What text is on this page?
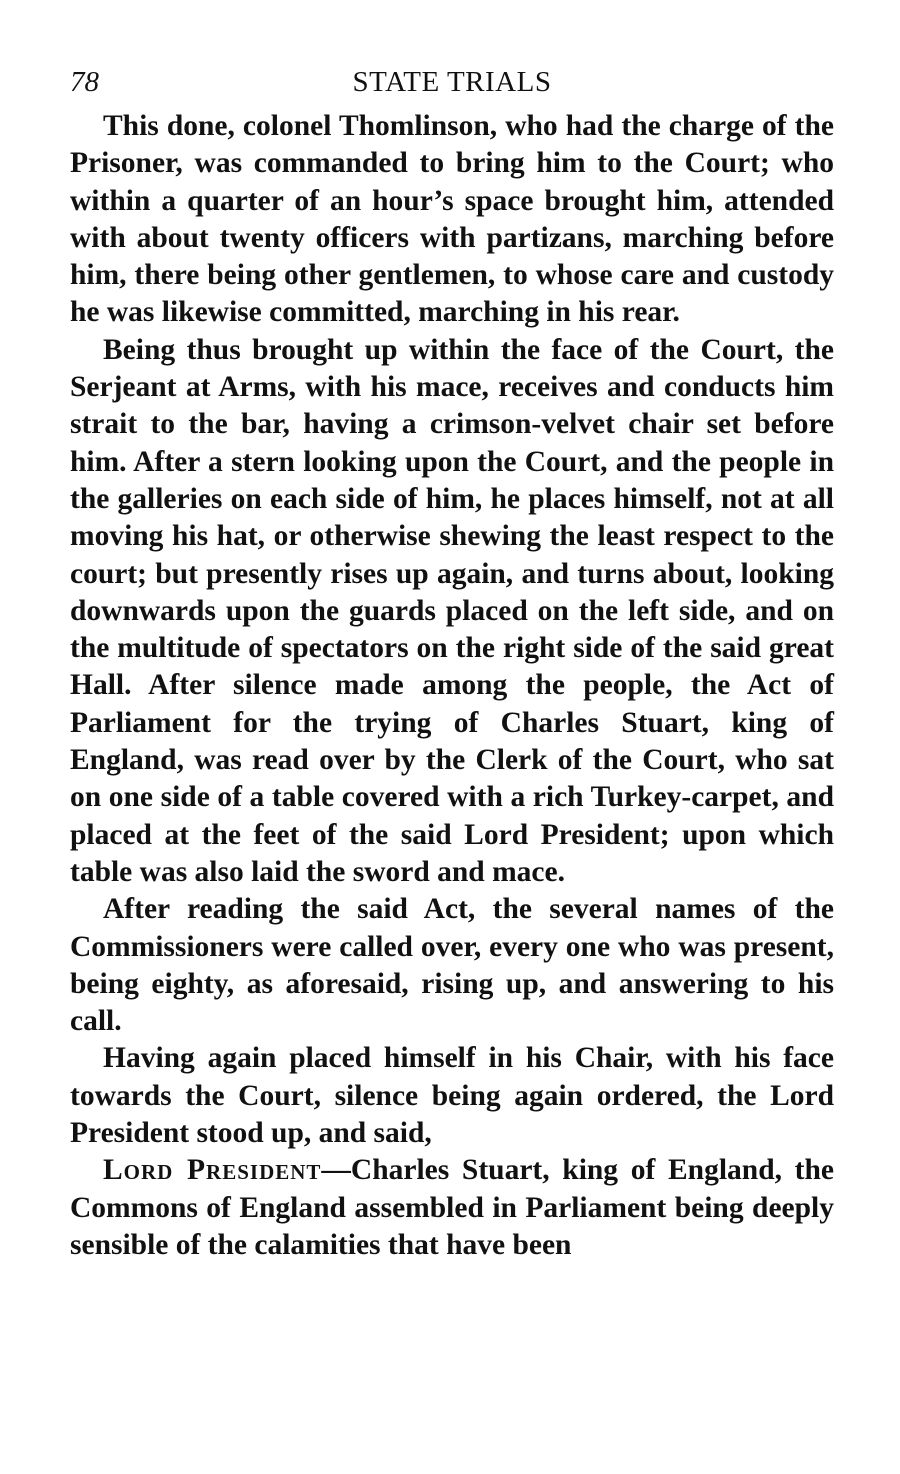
78	STATE TRIALS

This done, colonel Thomlinson, who had the charge of the Prisoner, was commanded to bring him to the Court; who within a quarter of an hour’s space brought him, attended with about twenty officers with partizans, marching before him, there being other gentlemen, to whose care and custody he was likewise committed, marching in his rear.

Being thus brought up within the face of the Court, the Serjeant at Arms, with his mace, receives and conducts him strait to the bar, having a crimson-velvet chair set before him. After a stern looking upon the Court, and the people in the galleries on each side of him, he places himself, not at all moving his hat, or otherwise shewing the least respect to the court; but presently rises up again, and turns about, looking downwards upon the guards placed on the left side, and on the multitude of spectators on the right side of the said great Hall. After silence made among the people, the Act of Parliament for the trying of Charles Stuart, king of England, was read over by the Clerk of the Court, who sat on one side of a table covered with a rich Turkey-carpet, and placed at the feet of the said Lord President; upon which table was also laid the sword and mace.

After reading the said Act, the several names of the Commissioners were called over, every one who was present, being eighty, as aforesaid, rising up, and answering to his call.

Having again placed himself in his Chair, with his face towards the Court, silence being again ordered, the Lord President stood up, and said,

Lord President—Charles Stuart, king of England, the Commons of England assembled in Parliament being deeply sensible of the calamities that have been
